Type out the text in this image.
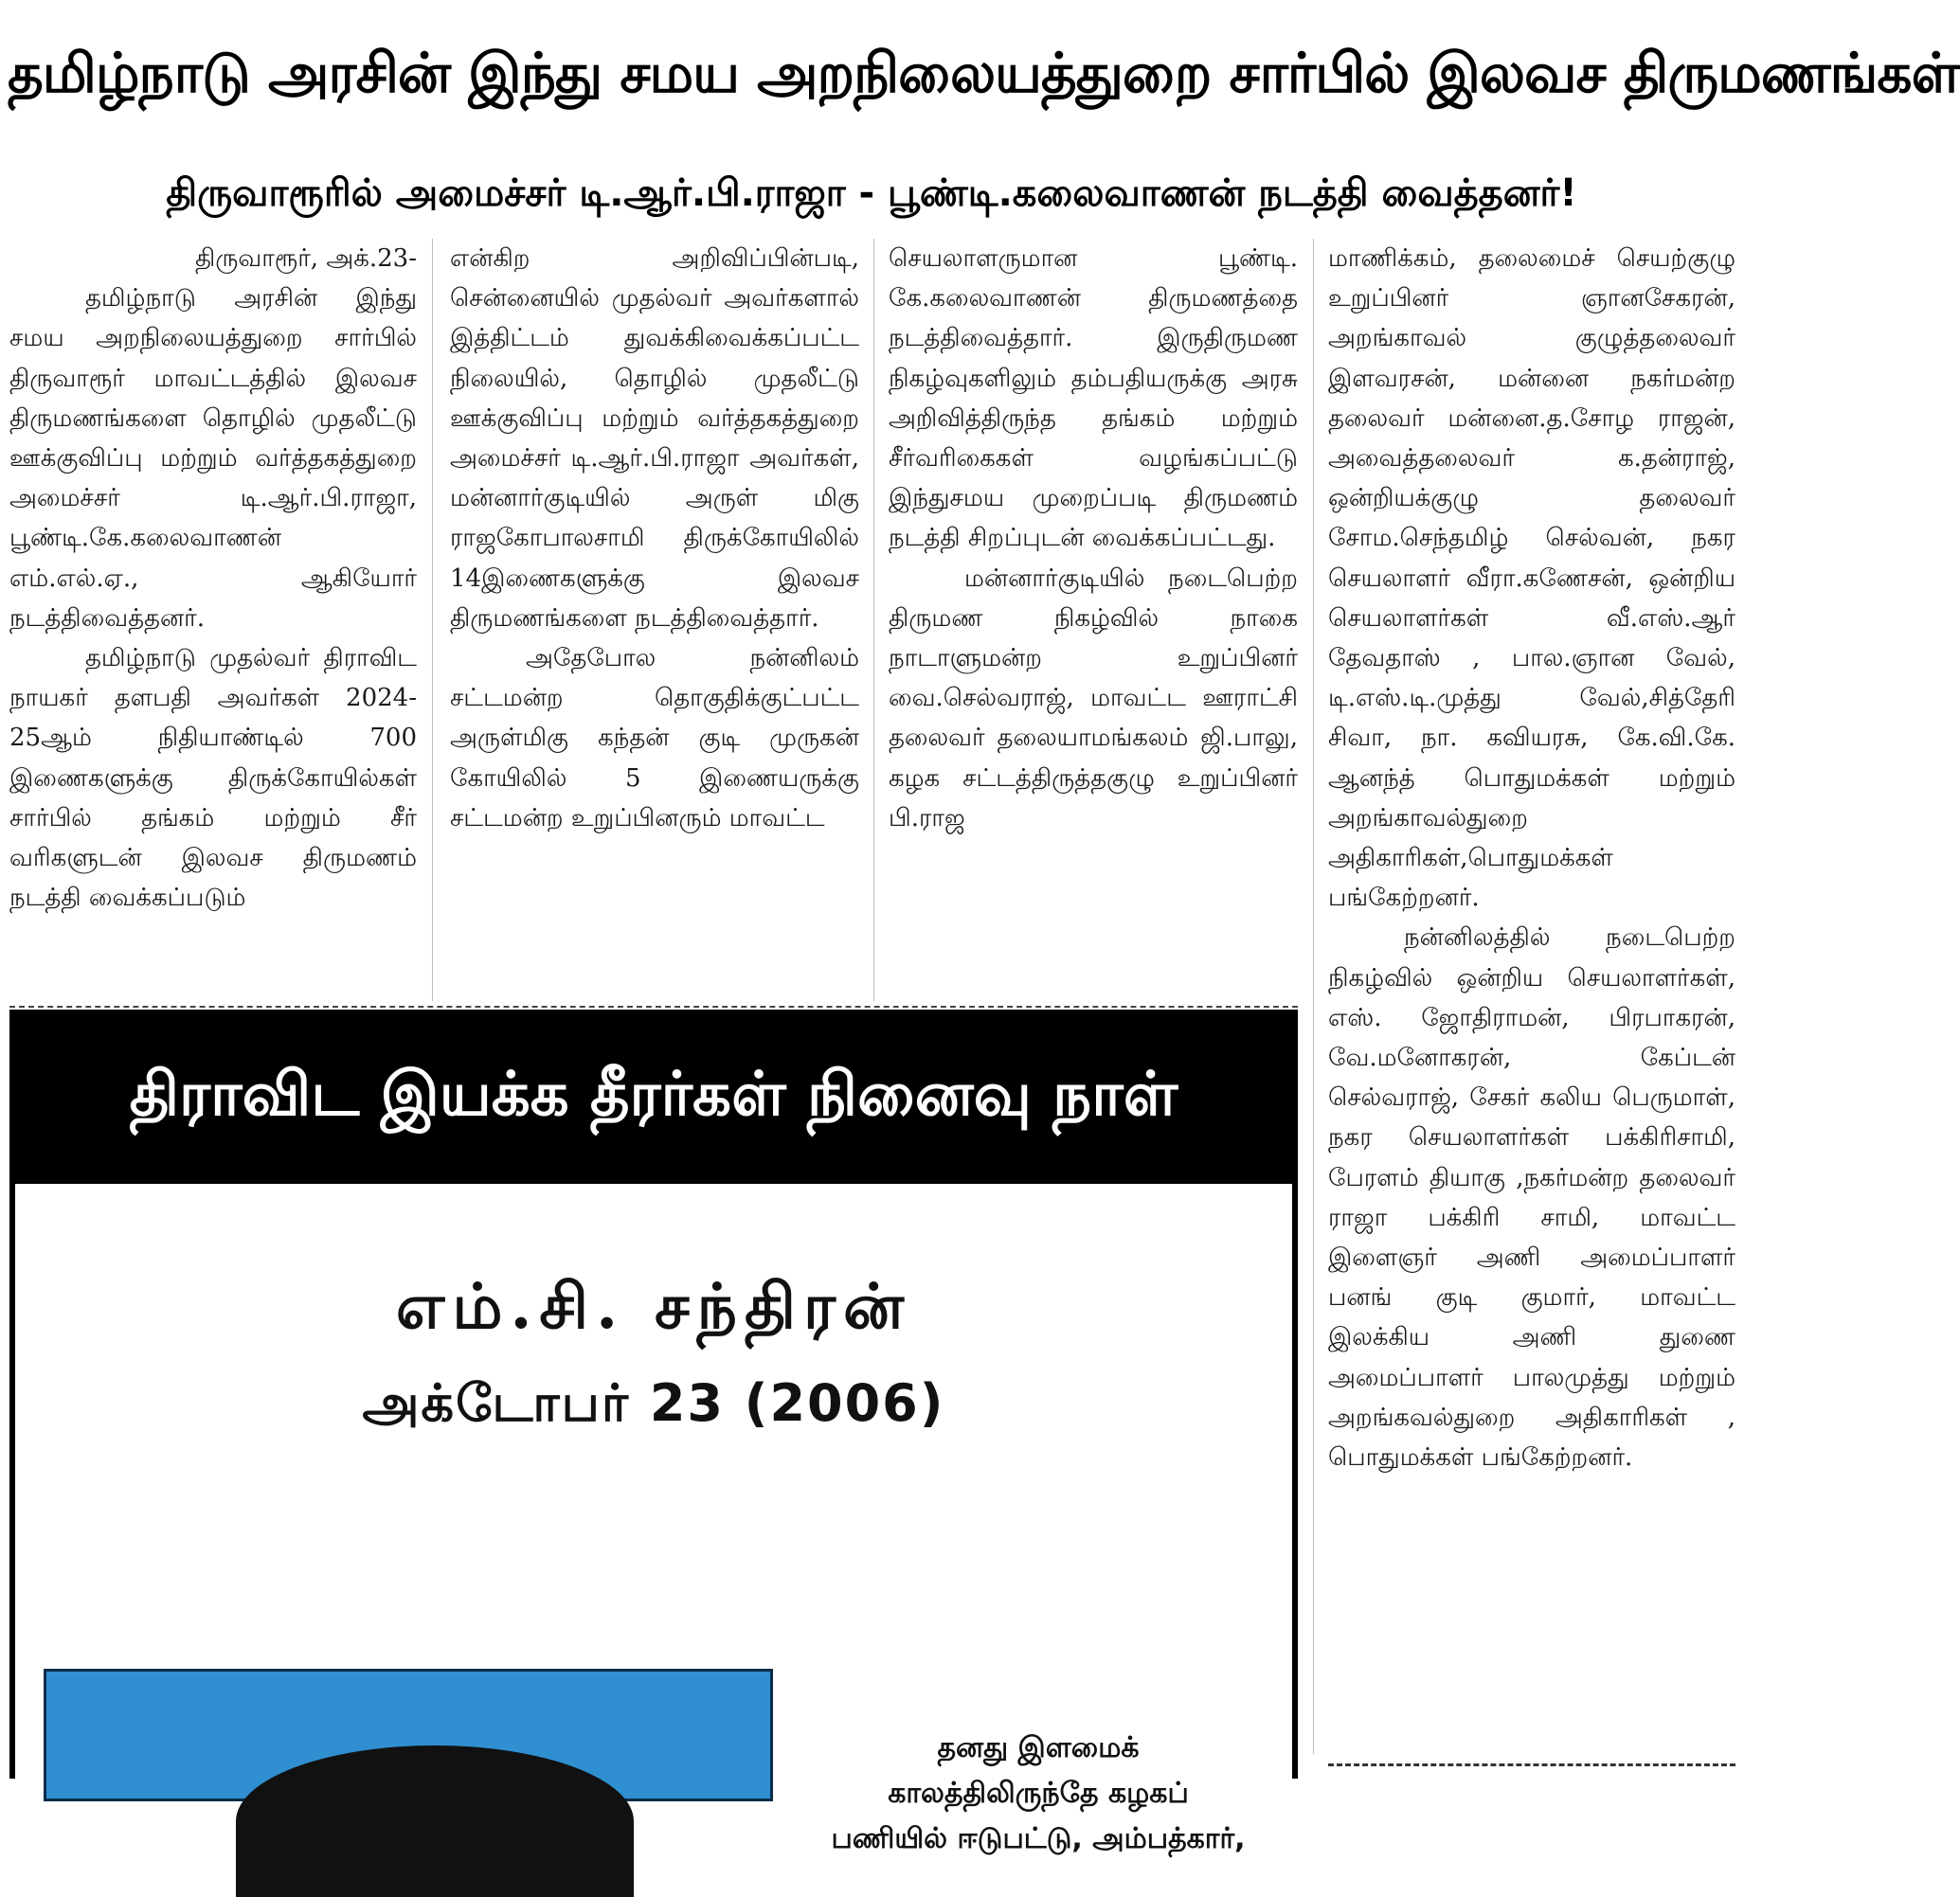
தமிழ்நாடு அரசின் இந்து சமய அறநிலையத்துறை சார்பில் இலவச திருமணங்கள்
திருவாரூரில் அமைச்சர் டி.ஆர்.பி.ராஜா - பூண்டி.கலைவாணன் நடத்தி வைத்தனர்!

திருவாரூர், அக்.23-

தமிழ்நாடு அரசின் இந்து சமய அறநிலையத்துறை சார்பில் திருவாரூர் மாவட்டத்தில் இலவச திருமணங்களை தொழில் முதலீட்டு ஊக்குவிப்பு மற்றும் வர்த்தகத்துறை அமைச்சர் டி.ஆர்.பி.ராஜா, பூண்டி.கே.கலைவாணன் எம்.எல்.ஏ., ஆகியோர் நடத்திவைத்தனர்.

தமிழ்நாடு முதல்வர் திராவிட நாயகர் தளபதி அவர்கள் 2024-25ஆம் நிதியாண்டில் 700 இணைகளுக்கு திருக்கோயில்கள் சார்பில் தங்கம் மற்றும் சீர் வரிகளுடன் இலவச திருமணம் நடத்தி வைக்கப்படும்

என்கிற அறிவிப்பின்படி, சென்னையில் முதல்வர் அவர்களால் இத்திட்டம் துவக்கிவைக்கப்பட்ட நிலையில், தொழில் முதலீட்டு ஊக்குவிப்பு மற்றும் வர்த்தகத்துறை அமைச்சர் டி.ஆர்.பி.ராஜா அவர்கள், மன்னார்குடியில் அருள் மிகு ராஜகோபாலசாமி திருக்கோயிலில் 14இணைகளுக்கு இலவச திருமணங்களை நடத்திவைத்தார்.

அதேபோல நன்னிலம் சட்டமன்ற தொகுதிக்குட்பட்ட அருள்மிகு கந்தன் குடி முருகன் கோயிலில் 5 இணையருக்கு சட்டமன்ற உறுப்பினரும் மாவட்ட

செயலாளருமான பூண்டி. கே.கலைவாணன் திருமணத்தை நடத்திவைத்தார். இருதிருமண நிகழ்வுகளிலும் தம்பதியருக்கு அரசு அறிவித்திருந்த தங்கம் மற்றும் சீர்வரிகைகள் வழங்கப்பட்டு இந்துசமய முறைப்படி திருமணம் நடத்தி சிறப்புடன் வைக்கப்பட்டது.

மன்னார்குடியில் நடைபெற்ற திருமண நிகழ்வில் நாகை நாடாளுமன்ற உறுப்பினர் வை.செல்வராஜ், மாவட்ட ஊராட்சி தலைவர் தலையாமங்கலம் ஜி.பாலு, கழக சட்டத்திருத்தகுழு உறுப்பினர் பி.ராஜ

மாணிக்கம், தலைமைச் செயற்குழு உறுப்பினர் ஞானசேகரன், அறங்காவல் குழுத்தலைவர் இளவரசன், மன்னை நகர்மன்ற தலைவர் மன்னை.த.சோழ ராஜன், அவைத்தலைவர் க.தன்ராஜ், ஒன்றியக்குழு தலைவர் சோம.செந்தமிழ் செல்வன், நகர செயலாளர் வீரா.கணேசன், ஒன்றிய செயலாளர்கள் வீ.எஸ்.ஆர் தேவதாஸ் , பால.ஞான வேல், டி.எஸ்.டி.முத்து வேல்,சித்தேரி சிவா, நா. கவியரசு, கே.வி.கே. ஆனந்த் பொதுமக்கள் மற்றும் அறங்காவல்துறை அதிகாரிகள்,பொதுமக்கள் பங்கேற்றனர்.

நன்னிலத்தில் நடைபெற்ற நிகழ்வில் ஒன்றிய செயலாளர்கள், எஸ். ஜோதிராமன், பிரபாகரன், வே.மனோகரன், கேப்டன் செல்வராஜ், சேகர் கலிய பெருமாள், நகர செயலாளர்கள் பக்கிரிசாமி, பேரளம் தியாகு ,நகர்மன்ற தலைவர் ராஜா பக்கிரி சாமி, மாவட்ட இளைஞர் அணி அமைப்பாளர் பனங் குடி குமார், மாவட்ட இலக்கிய அணி துணை அமைப்பாளர் பாலமுத்து மற்றும் அறங்கவல்துறை அதிகாரிகள் , பொதுமக்கள் பங்கேற்றனர்.

திராவிட இயக்க தீரர்கள் நினைவு நாள்

எம்.சி. சந்திரன்

அக்டோபர் 23 (2006)

தனது இளமைக்

காலத்திலிருந்தே கழகப்

பணியில் ஈடுபட்டு, அம்பத்கார்,
